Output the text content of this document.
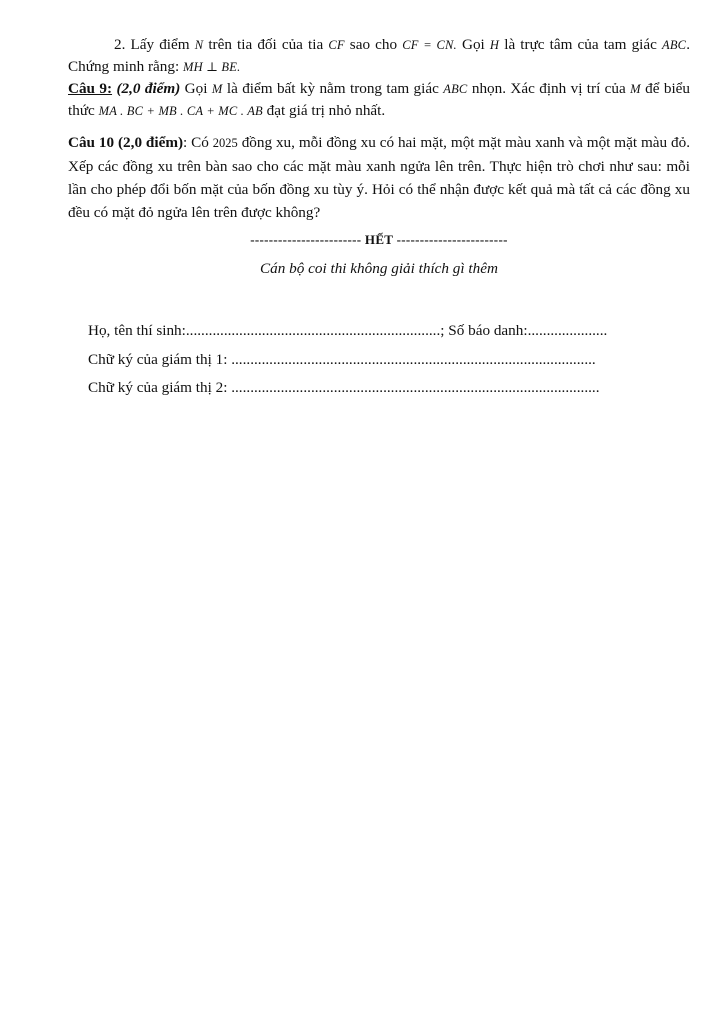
2. Lấy điểm N trên tia đối của tia CF sao cho CF = CN. Gọi H là trực tâm của tam giác ABC. Chứng minh rằng: MH ⊥ BE.

Câu 9: (2,0 điểm) Gọi M là điểm bất kỳ nằm trong tam giác ABC nhọn. Xác định vị trí của M để biểu thức MA . BC + MB . CA + MC . AB đạt giá trị nhỏ nhất.

Câu 10 (2,0 điểm): Có 2025 đồng xu, mỗi đồng xu có hai mặt, một mặt màu xanh và một mặt màu đỏ. Xếp các đồng xu trên bàn sao cho các mặt màu xanh ngửa lên trên. Thực hiện trò chơi như sau: mỗi lần cho phép đổi bốn mặt của bốn đồng xu tùy ý. Hỏi có thể nhận được kết quả mà tất cả các đồng xu đều có mặt đỏ ngửa lên trên được không?

------------------------ HẾT ------------------------

Cán bộ coi thi không giải thích gì thêm

Họ, tên thí sinh:...................................................................; Số báo danh:.....................

Chữ ký của giám thị 1: ................................................................................................

Chữ ký của giám thị 2: .................................................................................................
